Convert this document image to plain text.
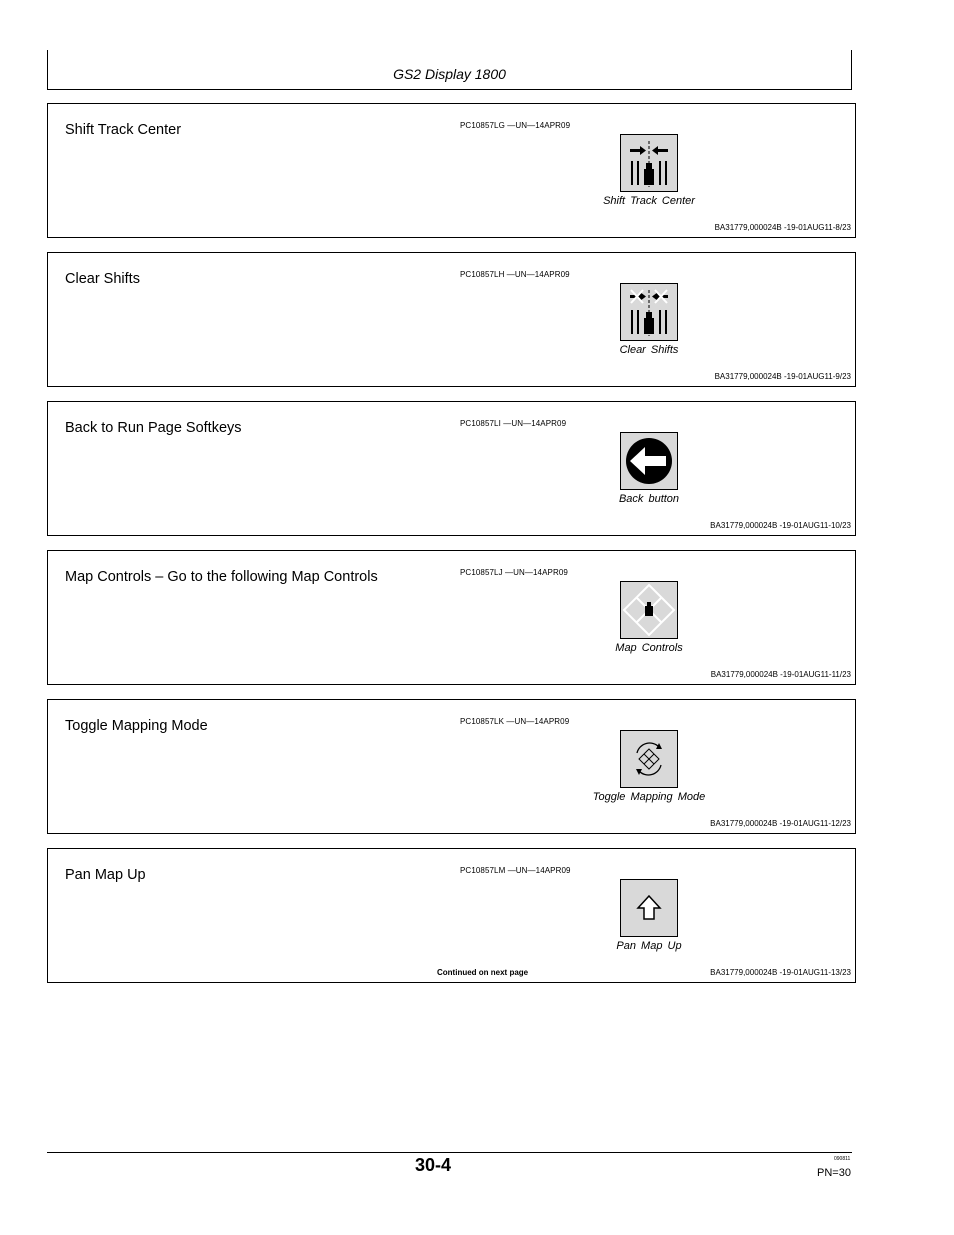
GS2 Display 1800
Shift Track Center	PC10857LG —UN—14APR09
Shift Track Center
BA31779,000024B -19-01AUG11-8/23
Clear Shifts	PC10857LH —UN—14APR09
Clear Shifts
BA31779,000024B -19-01AUG11-9/23
Back to Run Page Softkeys	PC10857LI —UN—14APR09
Back button
BA31779,000024B -19-01AUG11-10/23
Map Controls – Go to the following Map Controls	PC10857LJ —UN—14APR09
Map Controls
BA31779,000024B -19-01AUG11-11/23
Toggle Mapping Mode	PC10857LK —UN—14APR09
Toggle Mapping Mode
BA31779,000024B -19-01AUG11-12/23
Pan Map Up	PC10857LM —UN—14APR09
Pan Map Up
Continued on next page	BA31779,000024B -19-01AUG11-13/23
30-4	090811
PN=30
